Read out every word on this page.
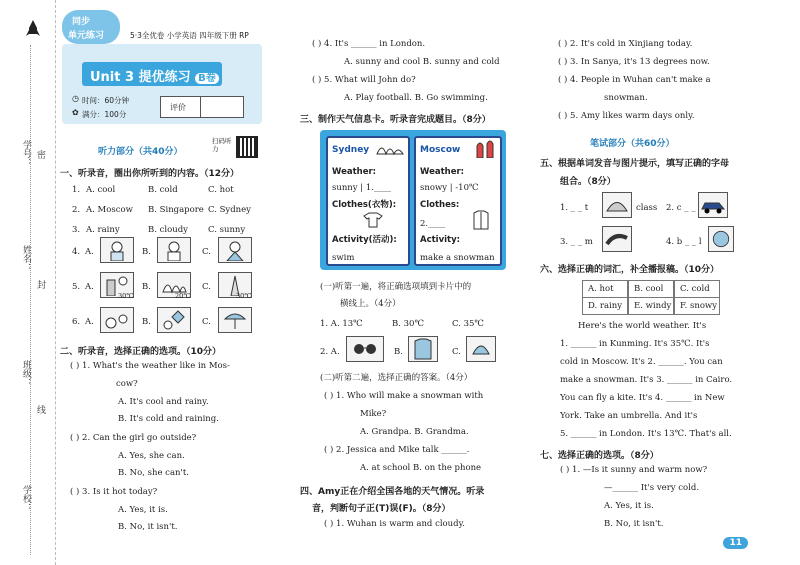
学号： 密
姓名：
封
班级：
线
学校：
同步
单元练习	5·3全优卷 小学英语 四年级下册 RP
Unit 3 提优练习 B卷
◷ 时间：60分钟
✿ 满分：100分
评价
听力部分（共40分）
扫码听力
一、听录音，圈出你所听到的内容。（12分）
4. A.	B.	C.
5. A.
30℃
B.
20℃
C.
30℃
6. A.	B.	C.
二、听录音，选择正确的选项。（10分）
( ) 1. What's the weather like in Mos-
cow?
A. It's cool and rainy.
B. It's cold and raining.
( ) 2. Can the girl go outside?
A. Yes, she can.
B. No, she can't.
( ) 3. Is it hot today?
A. Yes, it is.
B. No, it isn't.
1. A. cool	B. cold	C. hot
2. A. Moscow B. Singapore C. Sydney
3. A. rainy	B. cloudy C. sunny
( ) 4. It's ______ in London.
A. sunny and cool B. sunny and cold
( ) 5. What will John do?
A. Play football. B. Go swimming.
三、制作天气信息卡。听录音完成题目。（8分）
Sydney	Moscow
Weather:
sunny | 1.____
Clothes(衣物):
Activity(活动):
swim
Weather:
snowy | -10℃
Clothes:
2.____
Activity:
make a snowman
(一)听第一遍，将正确选项填到卡片中的
横线上。（4分）
1. A. 13℃	B. 30℃	C. 35℃
2. A.	B.	C.
(二)听第二遍，选择正确的答案。（4分）
( ) 1. Who will make a snowman with
Mike?
A. Grandpa. B. Grandma.
( ) 2. Jessica and Mike talk ______.
A. at school B. on the phone
四、Amy正在介绍全国各地的天气情况。听录
音，判断句子正(T)误(F)。（8分）
( ) 1. Wuhan is warm and cloudy.
( ) 2. It's cold in Xinjiang today.
( ) 3. In Sanya, it's 13 degrees now.
( ) 4. People in Wuhan can't make a
snowman.
( ) 5. Amy likes warm days only.
笔试部分（共60分）
五、根据单词发音与图片提示，填写正确的字母
组合。（8分）
1. _ _ t	class 2. c _ _
3. _ _ m	4. b _ _ l
六、选择正确的词汇，补全播报稿。（10分）
A. hot	B. cool	C. cold
D. rainy	E. windy	F. snowy
Here's the world weather. It's
1. ______ in Kunming. It's 35℃. It's
cold in Moscow. It's 2. ______. You can
make a snowman. It's 3. ______ in Cairo.
You can fly a kite. It's 4. ______ in New
York. Take an umbrella. And it's
5. ______ in London. It's 13℃. That's all.
七、选择正确的选项。（8分）
( ) 1. —Is it sunny and warm now?
—______ It's very cold.
A. Yes, it is.
B. No, it isn't.
11
